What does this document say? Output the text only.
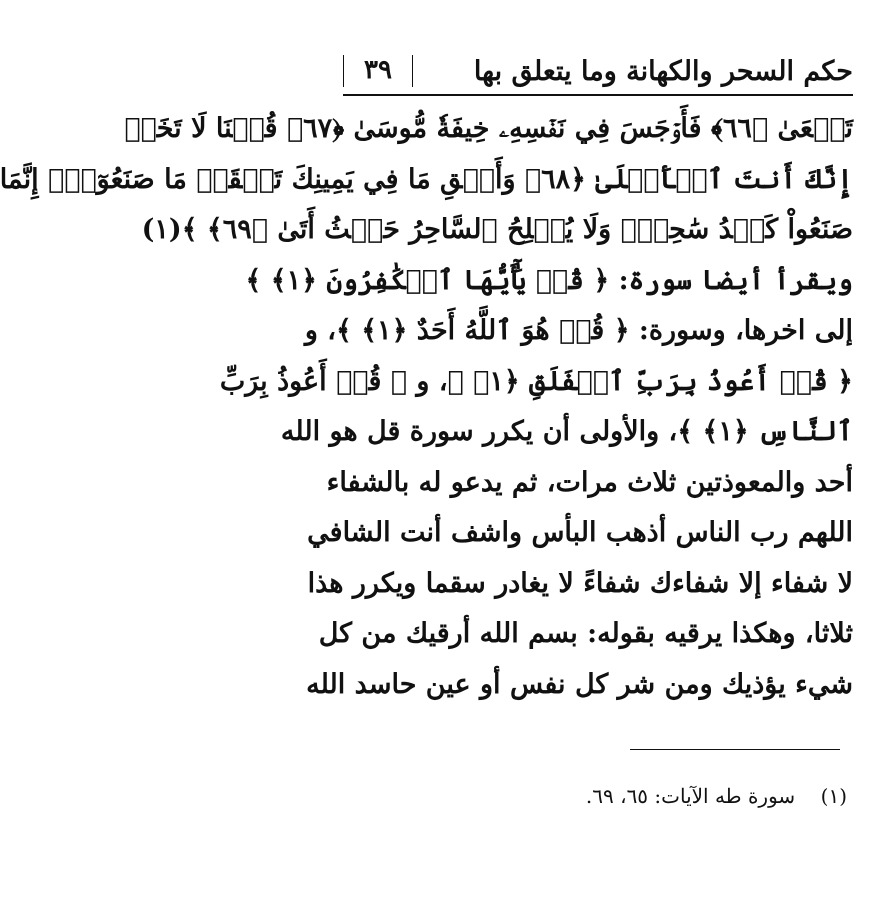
حكم السحر والكهانة وما يتعلق بها
٣٩
تَسۡعَىٰ ﴿٦٦﴾ فَأَوۡجَسَ فِي نَفۡسِهِۦ خِيفَةٗ مُّوسَىٰ ﴿٦٧﴾ قُلۡنَا لَا تَخَفۡ
إِنَّكَ أَنتَ ٱلۡأَعۡلَىٰ ﴿٦٨﴾ وَأَلۡقِ مَا فِي يَمِينِكَ تَلۡقَفۡ مَا صَنَعُوٓاْۖ إِنَّمَا
صَنَعُواْ كَيۡدُ سَٰحِرٖۖ وَلَا يُفۡلِحُ ٱلسَّاحِرُ حَيۡثُ أَتَىٰ ﴿٦٩﴾ ﴾(١)
ويقرأ أيضا سورة: ﴿ قُلۡ يَٰٓأَيُّهَا ٱلۡكَٰفِرُونَ ﴿١﴾ ﴾
إلى اخرها، وسورة: ﴿ قُلۡ هُوَ ٱللَّهُ أَحَدٌ ﴿١﴾ ﴾، و
﴿ قُلۡ أَعُوذُ بِرَبِّ ٱلۡفَلَقِ ﴿١﴾ ﴾، و ﴿ قُلۡ أَعُوذُ بِرَبِّ
ٱلنَّاسِ ﴿١﴾ ﴾، والأولى أن يكرر سورة قل هو الله
أحد والمعوذتين ثلاث مرات، ثم يدعو له بالشفاء
اللهم رب الناس أذهب البأس واشف أنت الشافي
لا شفاء إلا شفاءك شفاءً لا يغادر سقما ويكرر هذا
ثلاثا، وهكذا يرقيه بقوله: بسم الله أرقيك من كل
شيء يؤذيك ومن شر كل نفس أو عين حاسد الله
(١)    سورة طه الآيات: ٦٥، ٦٩.
